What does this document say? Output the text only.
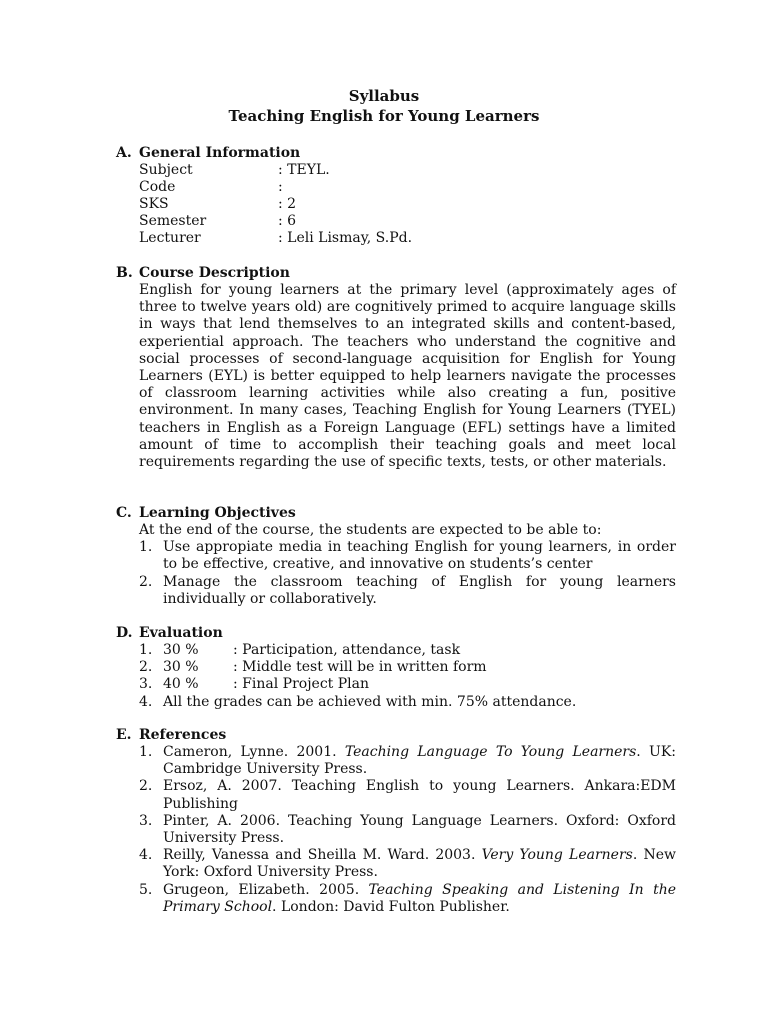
Syllabus
Teaching English for Young Learners
A. General Information
Subject	: TEYL.
Code	:
SKS	: 2
Semester	: 6
Lecturer	: Leli Lismay, S.Pd.
B. Course Description
English for young learners at the primary level (approximately ages of three to twelve years old) are cognitively primed to acquire language skills in ways that lend themselves to an integrated skills and content-based, experiential approach. The teachers who understand the cognitive and social processes of second-language acquisition for English for Young Learners (EYL) is better equipped to help learners navigate the processes of classroom learning activities while also creating a fun, positive environment. In many cases, Teaching English for Young Learners (TYEL) teachers in English as a Foreign Language (EFL) settings have a limited amount of time to accomplish their teaching goals and meet local requirements regarding the use of specific texts, tests, or other materials.
C. Learning Objectives
At the end of the course, the students are expected to be able to:
1. Use appropiate media in teaching English for young learners, in order to be effective, creative, and innovative on students’s center
2. Manage the classroom teaching of English for young learners individually or collaboratively.
D. Evaluation
1. 30 %	: Participation, attendance, task
2. 30 %	: Middle test will be in written form
3. 40 %	: Final Project Plan
4. All the grades can be achieved with min. 75% attendance.
E. References
1. Cameron, Lynne. 2001. Teaching Language To Young Learners. UK: Cambridge University Press.
2. Ersoz, A. 2007. Teaching English to young Learners. Ankara:EDM Publishing
3. Pinter, A. 2006. Teaching Young Language Learners. Oxford: Oxford University Press.
4. Reilly, Vanessa and Sheilla M. Ward. 2003. Very Young Learners. New York: Oxford University Press.
5. Grugeon, Elizabeth. 2005. Teaching Speaking and Listening In the Primary School. London: David Fulton Publisher.
